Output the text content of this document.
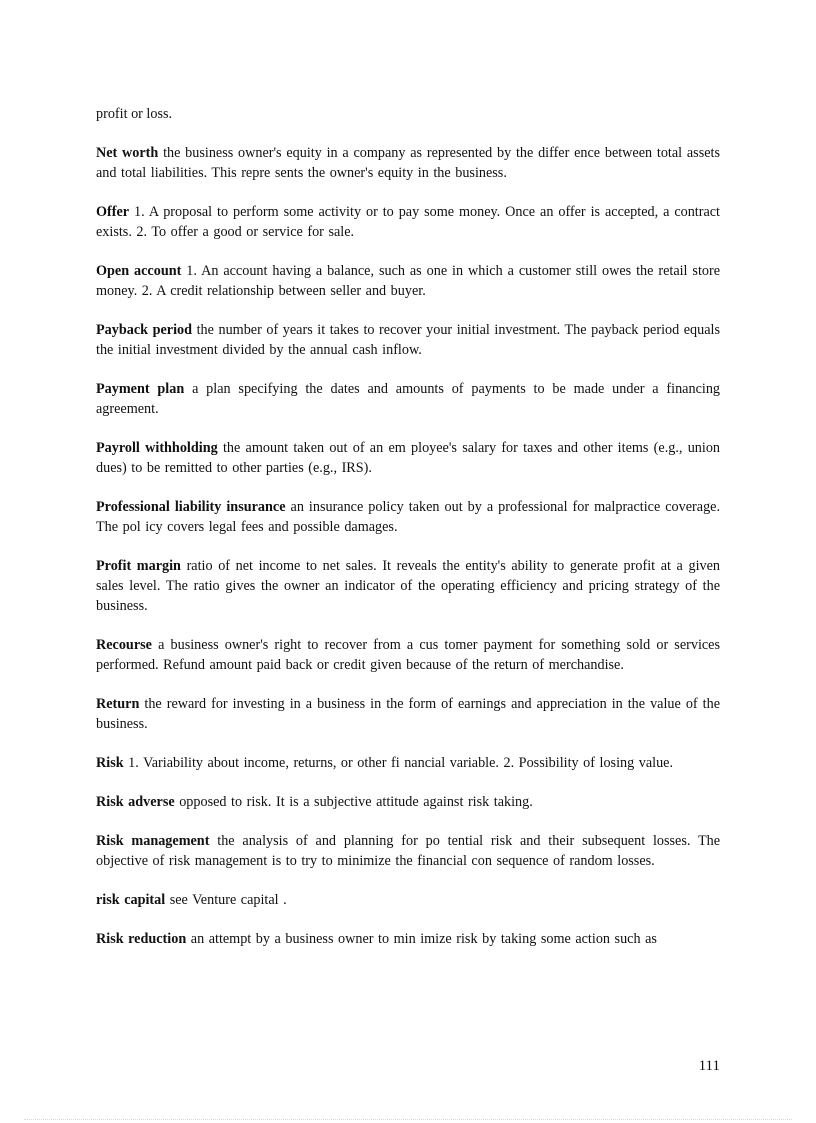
profit or loss.

Net worth the business owner's equity in a company as represented by the differ ence between total assets and total liabilities. This repre sents the owner's equity in the business.

Offer 1. A proposal to perform some activity or to pay some money. Once an offer is accepted, a contract exists. 2. To offer a good or service for sale.

Open account 1. An account having a balance, such as one in which a customer still owes the retail store money. 2. A credit relationship between seller and buyer.

Payback period the number of years it takes to recover your initial investment. The payback period equals the initial investment divided by the annual cash inflow.

Payment plan a plan specifying the dates and amounts of payments to be made under a financing agreement.

Payroll withholding the amount taken out of an em ployee's salary for taxes and other items (e.g., union dues) to be remitted to other parties (e.g., IRS).

Professional liability insurance an insurance policy taken out by a professional for malpractice coverage. The pol icy covers legal fees and possible damages.

Profit margin ratio of net income to net sales. It reveals the entity's ability to generate profit at a given sales level. The ratio gives the owner an indicator of the operating efficiency and pricing strategy of the business.

Recourse a business owner's right to recover from a cus tomer payment for something sold or services performed. Refund amount paid back or credit given because of the return of merchandise.

Return the reward for investing in a business in the form of earnings and appreciation in the value of the business.

Risk 1. Variability about income, returns, or other fi nancial variable. 2. Possibility of losing value.

Risk adverse opposed to risk. It is a subjective attitude against risk taking.

Risk management the analysis of and planning for po tential risk and their subsequent losses. The objective of risk management is to try to minimize the financial con sequence of random losses.

risk capital see Venture capital .

Risk reduction an attempt by a business owner to min imize risk by taking some action such as

111
